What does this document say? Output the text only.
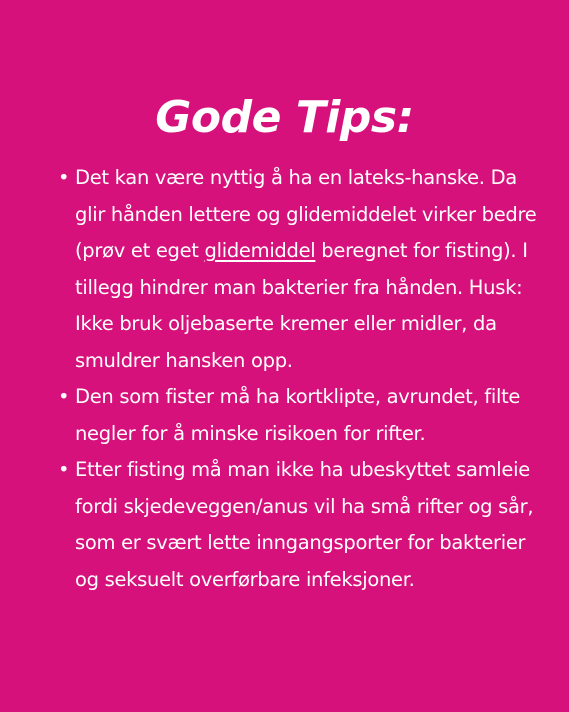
Gode Tips:
• Det kan være nyttig å ha en lateks-hanske. Da glir hånden lettere og glidemiddelet virker bedre (prøv et eget glidemiddel beregnet for fisting). I tillegg hindrer man bakterier fra hånden. Husk: Ikke bruk oljebaserte kremer eller midler, da smuldrer hansken opp.
• Den som fister må ha kortklipte, avrundet, filte negler for å minske risikoen for rifter.
• Etter fisting må man ikke ha ubeskyttet samleie fordi skjedeveggen/anus vil ha små rifter og sår, som er svært lette inngangsporter for bakterier og seksuelt overførbare infeksjoner.
